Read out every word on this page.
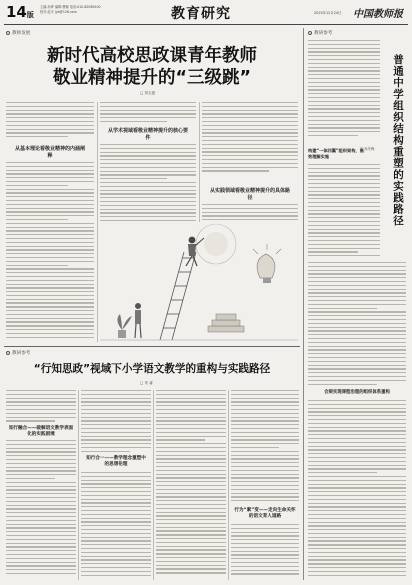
14版
主编:孙烨 编辑:曹娜 电话:010-82089100
校对:赵平 jyb@126.com	教育研究	2025年12月24日 中国教师报
教师发展	教研参考
新时代高校思政课青年教师
敬业精神提升的“三级跳”
□ 刘玉振
从基本理论看敬业精神的内涵阐释
从学术视域看敬业精神提升的核心要件
从实践领域看敬业精神提升的具体路径
教研参考
“行知思政”视域下小学语文教学的重构与实践路径
□ 朱 睿
知行融合——破解语文教学表面化的实践困境
知行合一——教学理念重塑中的思想伦理
行为“素”变——走向生命关怀的语文育人道路
普通中学组织结构重塑的实践路径
□ 孙冬梅
构建“一体四翼”组织架构，高效理解实施
合规实现课程治理的组织体系重构
